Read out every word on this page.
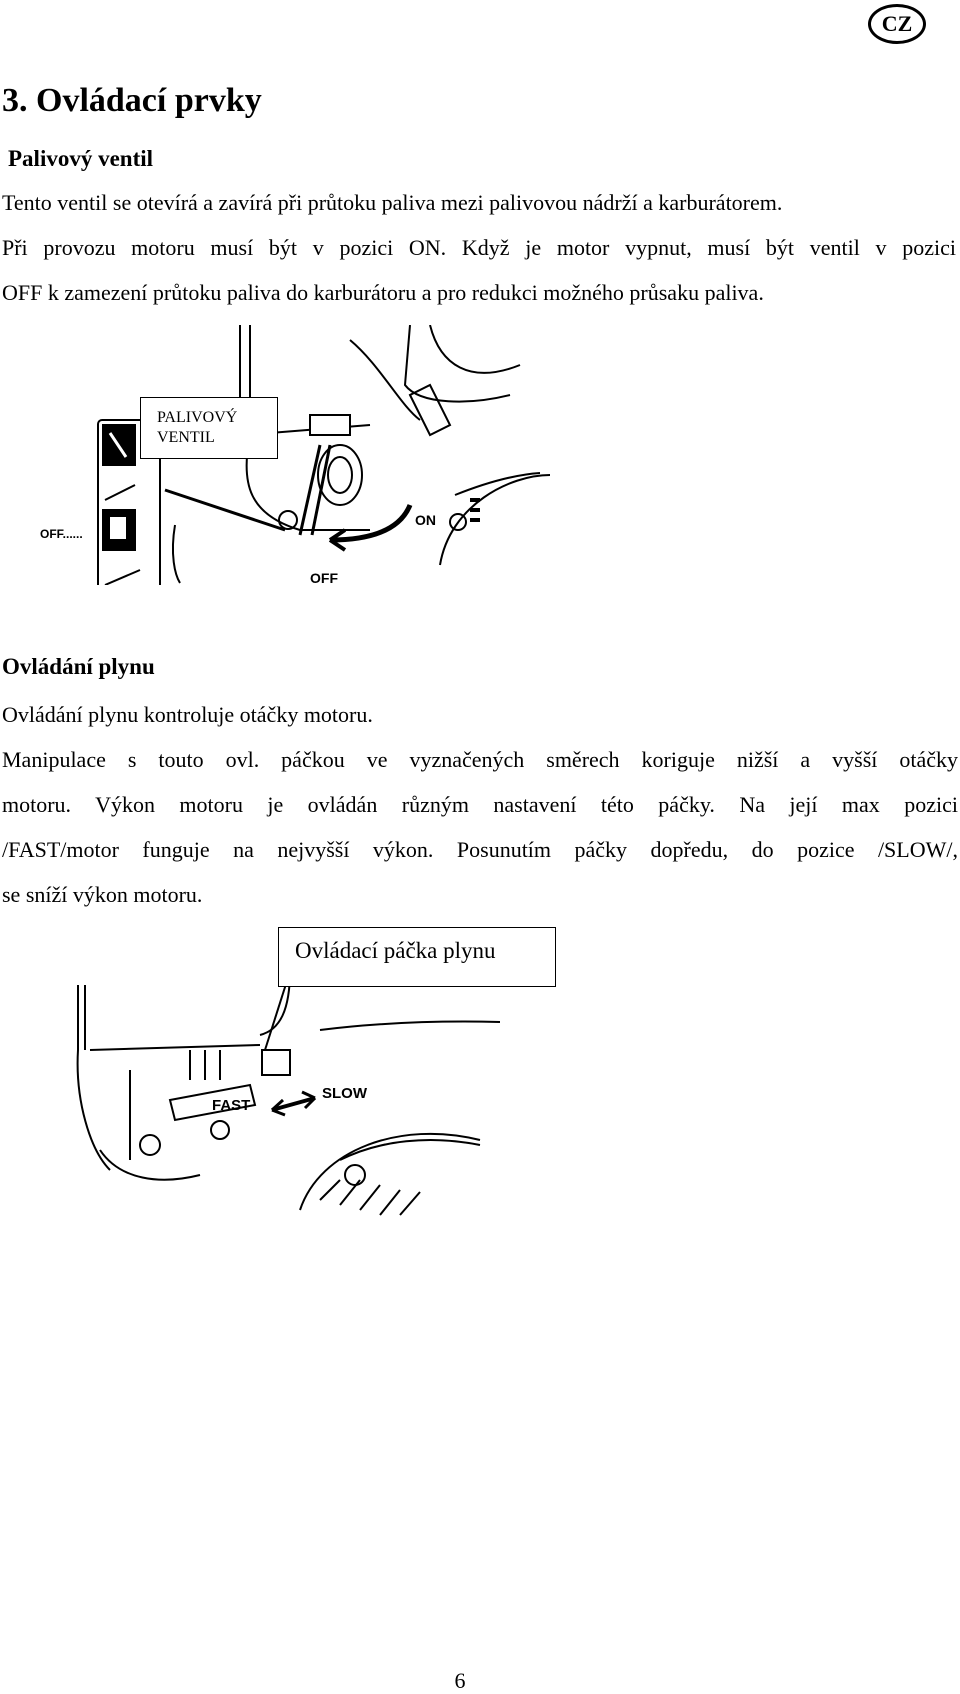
CZ
3. Ovládací prvky
Palivový ventil
Tento ventil se otevírá a zavírá při průtoku paliva mezi palivovou nádrží a karburátorem.
Při provozu motoru musí být v pozici ON. Když je motor vypnut, musí být ventil v pozici
OFF k zamezení průtoku paliva do karburátoru a pro redukci možného průsaku paliva.
ON
OFF
OFF......
PALIVOVÝ
VENTIL
Ovládání plynu
Ovládání plynu kontroluje otáčky motoru.
Manipulace s touto ovl. páčkou ve vyznačených směrech koriguje nižší a vyšší otáčky
motoru. Výkon motoru je ovládán různým nastavení této páčky. Na její max pozici
/FAST/motor funguje na nejvyšší výkon. Posunutím páčky dopředu, do pozice /SLOW/,
se sníží výkon motoru.
FAST
SLOW
Ovládací páčka plynu
6
